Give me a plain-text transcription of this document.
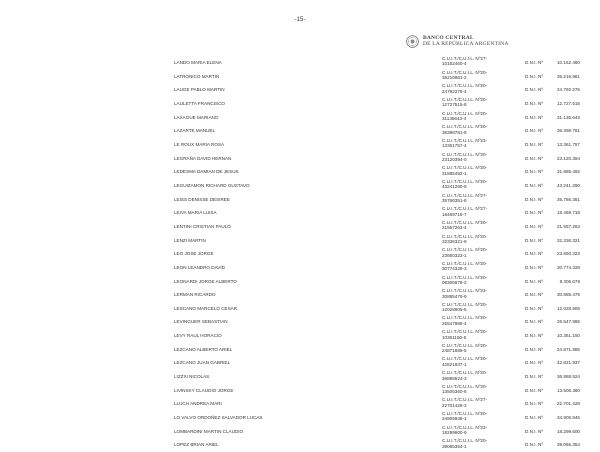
-15-
BANCO CENTRAL
DE LA REPÚBLICA ARGENTINA
LANDO MARIA ELENA
C.U.I.T./C.U.I.L. Nº27-
10162460-4	D.N.I. Nº	10.162.460
LATRONICO MARTIN
C.U.I.T./C.U.I.L. Nº20-
35216981-2	D.N.I. Nº	35.216.981
LAUGE PABLO MARTIN
C.U.I.T./C.U.I.L. Nº20-
24792276-4	D.N.I. Nº	24.792.276
LAULETTA FRANCISCO
C.U.I.T./C.U.I.L. Nº20-
12727515-8	D.N.I. Nº	12.727.515
LAXAGUE MARIANO
C.U.I.T./C.U.I.L. Nº20-
31135643-4	D.N.I. Nº	31.135.643
LAZARTE MANUEL
C.U.I.T./C.U.I.L. Nº20-
36398781-9	D.N.I. Nº	36.398.781
LE ROUX MARIA ROSA
C.U.I.T./C.U.I.L. Nº23-
13361757-4	D.N.I. Nº	13.361.757
LEGRAÑA DAVID HERNAN
C.U.I.T./C.U.I.L. Nº20-
23120394-0	D.N.I. Nº	23.120.394
LEDESMA DAMIAN DE JESUS
C.U.I.T./C.U.I.L. Nº20-
31885492-1	D.N.I. Nº	31.885.492
LEGUIZAMON RICHARD GUSTAVO
C.U.I.T./C.U.I.L. Nº20-
43241290-9	D.N.I. Nº	43.241.290
LEISS DENISSE DESIREE
C.U.I.T./C.U.I.L. Nº27-
35766351-8	D.N.I. Nº	35.766.351
LEIVA MARIA LUISA
C.U.I.T./C.U.I.L. Nº27-
18469718-7	D.N.I. Nº	18.469.718
LENTINI CRISTIAN PAULO
C.U.I.T./C.U.I.L. Nº20-
21557263-4	D.N.I. Nº	21.557.263
LENZI MARTIN
C.U.I.T./C.U.I.L. Nº20-
32336321-9	D.N.I. Nº	32.336.321
LEO JOSE JORGE
C.U.I.T./C.U.I.L. Nº20-
23660323-1	D.N.I. Nº	23.660.323
LEON LEANDRO DAVID
C.U.I.T./C.U.I.L. Nº20-
30774328-3	D.N.I. Nº	30.774.328
LEONARDI JORGE ALBERTO
C.U.I.T./C.U.I.L. Nº20-
08306678-2	D.N.I. Nº	8.306.678
LERMAN RICARDO
C.U.I.T./C.U.I.L. Nº23-
30885479-9	D.N.I. Nº	30.885.479
LESCANO MARCELO CESAR
C.U.I.T./C.U.I.L. Nº20-
12028905-6	D.N.I. Nº	12.028.905
LEVINGUER SEBASTIAN
C.U.I.T./C.U.I.L. Nº20-
26547986-4	D.N.I. Nº	26.547.986
LEVY RAUL HORACIO
C.U.I.T./C.U.I.L. Nº20-
10361150-5	D.N.I. Nº	10.361.150
LEZCANO ALBERTO ARIEL
C.U.I.T./C.U.I.L. Nº20-
24871885-5	D.N.I. Nº	24.871.885
LEZCANO JUAN GABRIEL
C.U.I.T./C.U.I.L. Nº20-
42821937-1	D.N.I. Nº	42.821.937
LIZZXI NICOLAS
C.U.I.T./C.U.I.L. Nº20-
36888524-3	D.N.I. Nº	36.888.524
LIVINSKY CLAUDIO JORGE
C.U.I.T./C.U.I.L. Nº20-
13506360-6	D.N.I. Nº	13.506.360
LLUCH ANDREA MARI
C.U.I.T./C.U.I.L. Nº27-
22701428-3	D.N.I. Nº	22.701.428
LO VALVO ORDOÑEZ SALVADOR LUCAS
C.U.I.T./C.U.I.L. Nº20-
34905946-1	D.N.I. Nº	34.905.946
LOMBARDINI MARTIN CLAUDIO
C.U.I.T./C.U.I.L. Nº23-
18299600-9	D.N.I. Nº	18.299.600
LOPEZ BRIAN ARIEL
C.U.I.T./C.U.I.L. Nº20-
39065354-1	D.N.I. Nº	39.065.354
